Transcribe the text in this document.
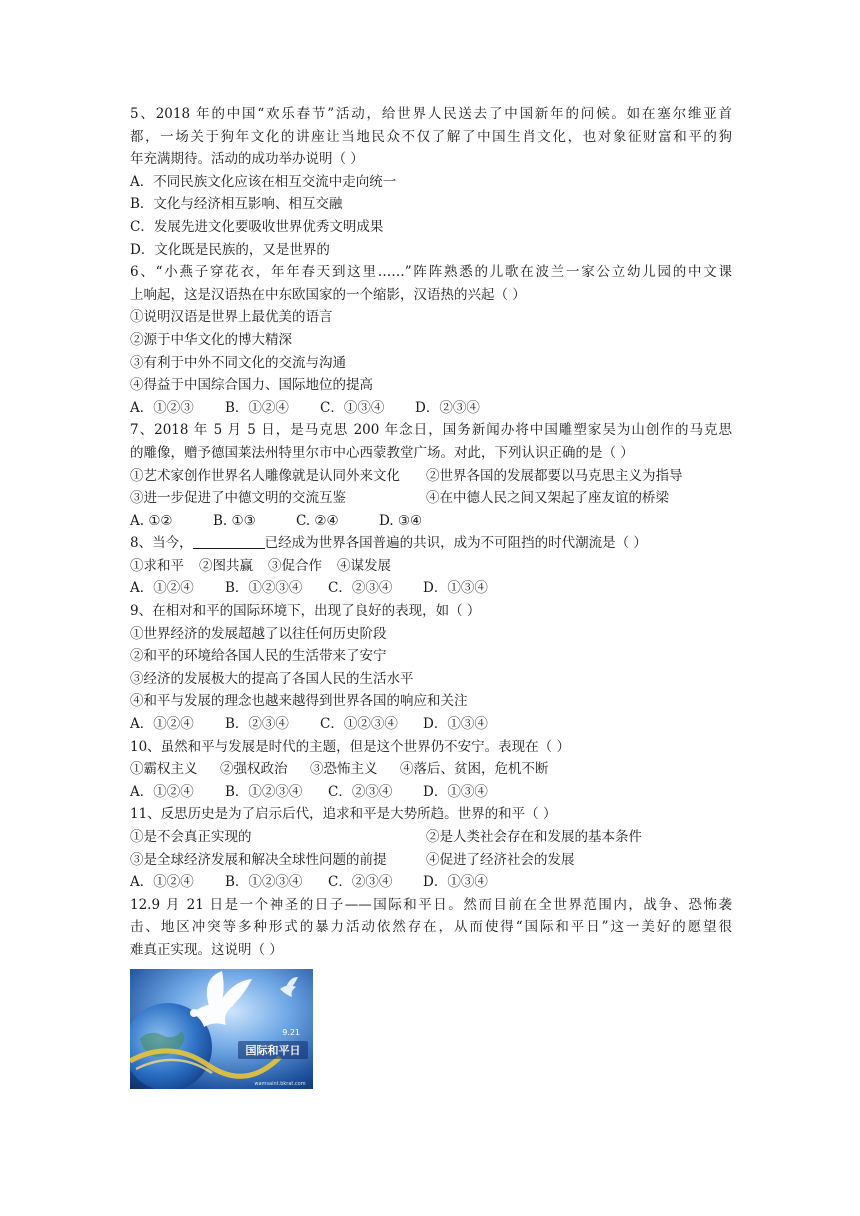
5、2018 年的中国“欢乐春节”活动，给世界人民送去了中国新年的问候。如在塞尔维亚首
都，一场关于狗年文化的讲座让当地民众不仅了解了中国生肖文化，也对象征财富和平的狗
年充满期待。活动的成功举办说明（ ）
A．不同民族文化应该在相互交流中走向统一
B．文化与经济相互影响、相互交融
C．发展先进文化要吸收世界优秀文明成果
D．文化既是民族的，又是世界的
6、“小燕子穿花衣，年年春天到这里……”阵阵熟悉的儿歌在波兰一家公立幼儿园的中文课
上响起，这是汉语热在中东欧国家的一个缩影，汉语热的兴起（ ）
①说明汉语是世界上最优美的语言
②源于中华文化的博大精深
③有利于中外不同文化的交流与沟通
④得益于中国综合国力、国际地位的提高
A．①②③ B．①②④ C．①③④ D．②③④
7、2018 年 5 月 5 日，是马克思 200 年念日，国务新闻办将中国雕塑家吴为山创作的马克思
的雕像，赠予德国莱法州特里尔市中心西蒙教堂广场。对此，下列认识正确的是（ ）
①艺术家创作世界名人雕像就是认同外来文化 ②世界各国的发展都要以马克思主义为指导
③进一步促进了中德文明的交流互鉴	④在中德人民之间又架起了座友谊的桥梁
A. ①②	B. ①③	C. ②④	D. ③④
8、当今，	已经成为世界各国普遍的共识，成为不可阻挡的时代潮流是（ ）
①求和平 ②图共赢 ③促合作 ④谋发展
A．①②④ B．①②③④ C．②③④ D．①③④
9、在相对和平的国际环境下，出现了良好的表现，如（ ）
①世界经济的发展超越了以往任何历史阶段
②和平的环境给各国人民的生活带来了安宁
③经济的发展极大的提高了各国人民的生活水平
④和平与发展的理念也越来越得到世界各国的响应和关注
A．①②④ B．②③④ C．①②③④ D．①③④
10、虽然和平与发展是时代的主题，但是这个世界仍不安宁。表现在（ ）
①霸权主义 ②强权政治 ③恐怖主义 ④落后、贫困，危机不断
A．①②④ B．①②③④ C．②③④ D．①③④
11、反思历史是为了启示后代，追求和平是大势所趋。世界的和平（ ）
①是不会真正实现的	②是人类社会存在和发展的基本条件
③是全球经济发展和解决全球性问题的前提	④促进了经济社会的发展
A．①②④ B．①②③④ C．②③④ D．①③④
12.9 月 21 日是一个神圣的日子——国际和平日。然而目前在全世界范围内，战争、恐怖袭
击、地区冲突等多种形式的暴力活动依然存在，从而使得“国际和平日”这一美好的愿望很
难真正实现。这说明（ ）
9.21
国际和平日
wamsaint.bkrat.com
